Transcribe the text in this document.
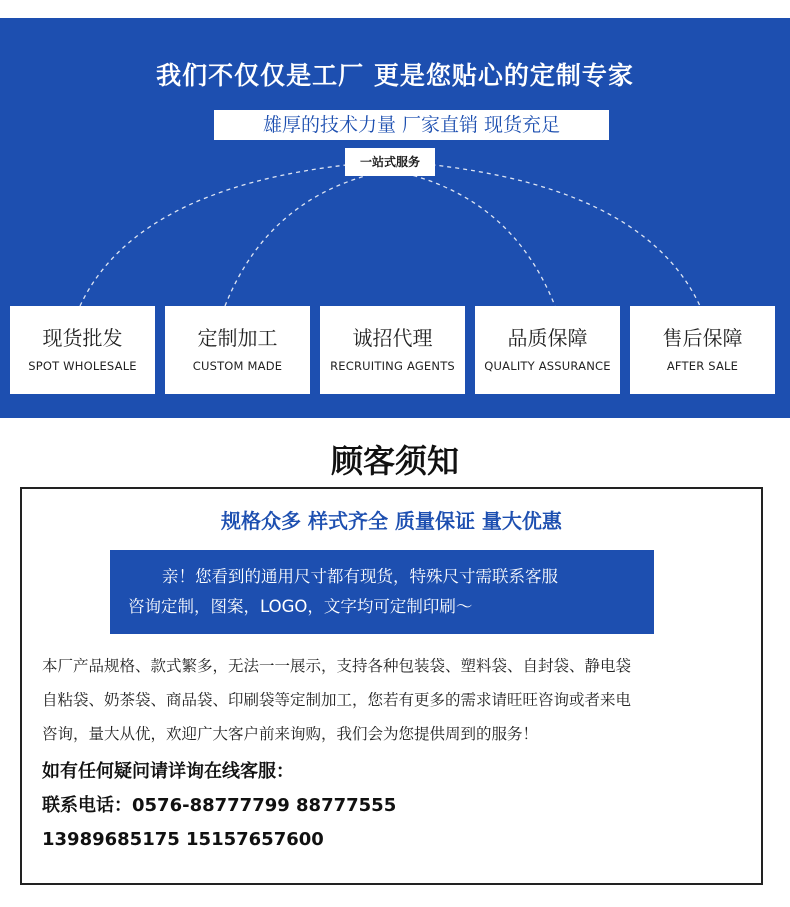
我们不仅仅是工厂 更是您贴心的定制专家
雄厚的技术力量 厂家直销 现货充足
一站式服务
现货批发
SPOT WHOLESALE
定制加工
CUSTOM MADE
诚招代理
RECRUITING AGENTS
品质保障
QUALITY ASSURANCE
售后保障
AFTER SALE
顾客须知
规格众多 样式齐全 质量保证 量大优惠
亲！您看到的通用尺寸都有现货，特殊尺寸需联系客服
咨询定制，图案，LOGO，文字均可定制印刷～
本厂产品规格、款式繁多，无法一一展示，支持各种包装袋、塑料袋、自封袋、静电袋
自粘袋、奶茶袋、商品袋、印刷袋等定制加工，您若有更多的需求请旺旺咨询或者来电
咨询，量大从优，欢迎广大客户前来询购，我们会为您提供周到的服务！
如有任何疑问请详询在线客服：
联系电话：0576-88777799 88777555
13989685175 15157657600
